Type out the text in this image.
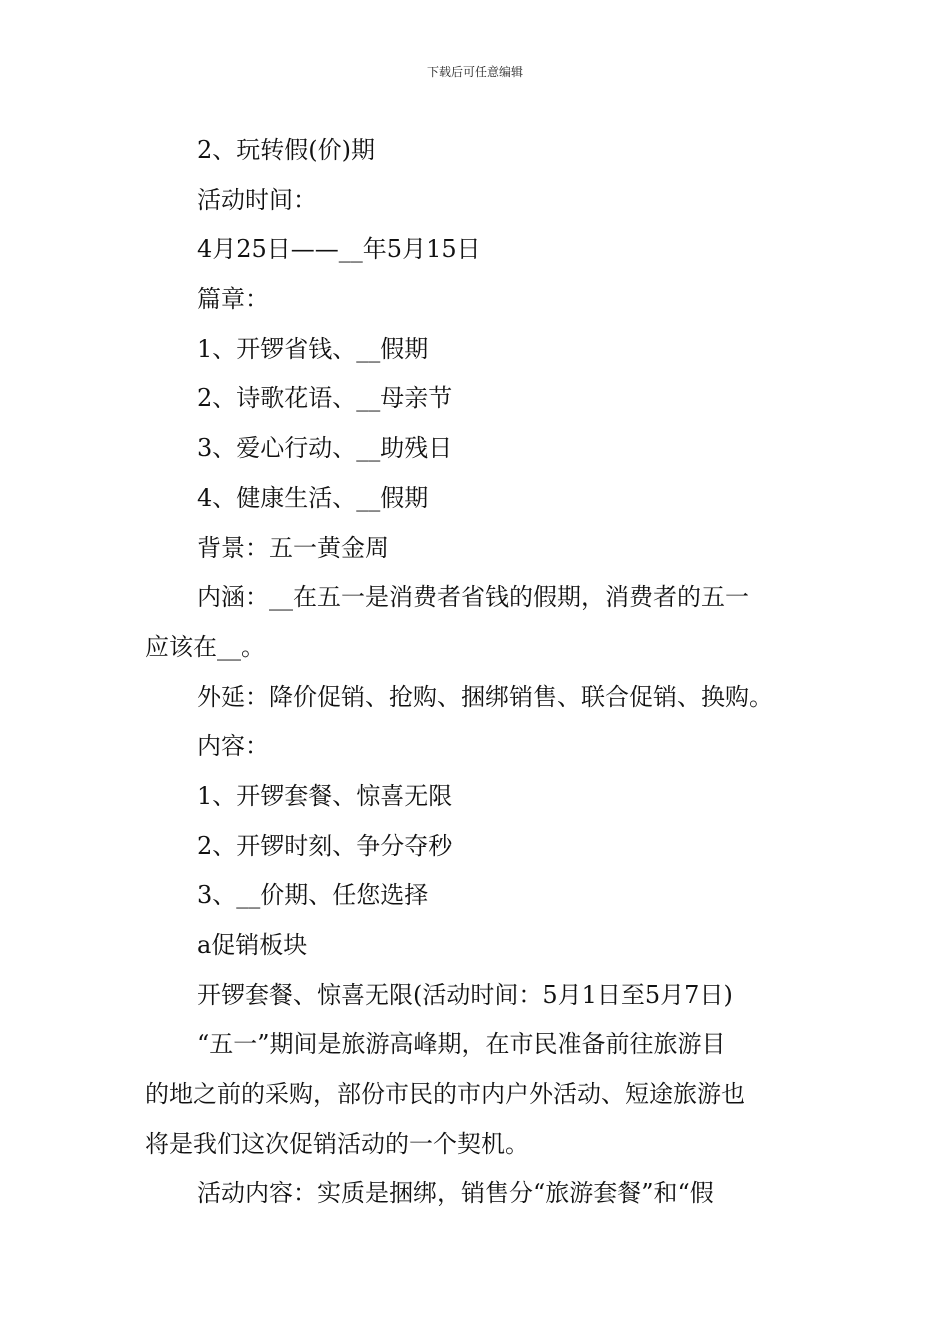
下载后可任意编辑
2、玩转假(价)期
活动时间：
4月25日——__年5月15日
篇章：
1、开锣省钱、__假期
2、诗歌花语、__母亲节
3、爱心行动、__助残日
4、健康生活、__假期
背景：五一黄金周
内涵：__在五一是消费者省钱的假期，消费者的五一
应该在__。
外延：降价促销、抢购、捆绑销售、联合促销、换购。
内容：
1、开锣套餐、惊喜无限
2、开锣时刻、争分夺秒
3、__价期、任您选择
a促销板块
开锣套餐、惊喜无限(活动时间：5月1日至5月7日)
“五一”期间是旅游高峰期，在市民准备前往旅游目
的地之前的采购，部份市民的市内户外活动、短途旅游也
将是我们这次促销活动的一个契机。
活动内容：实质是捆绑，销售分“旅游套餐”和“假
